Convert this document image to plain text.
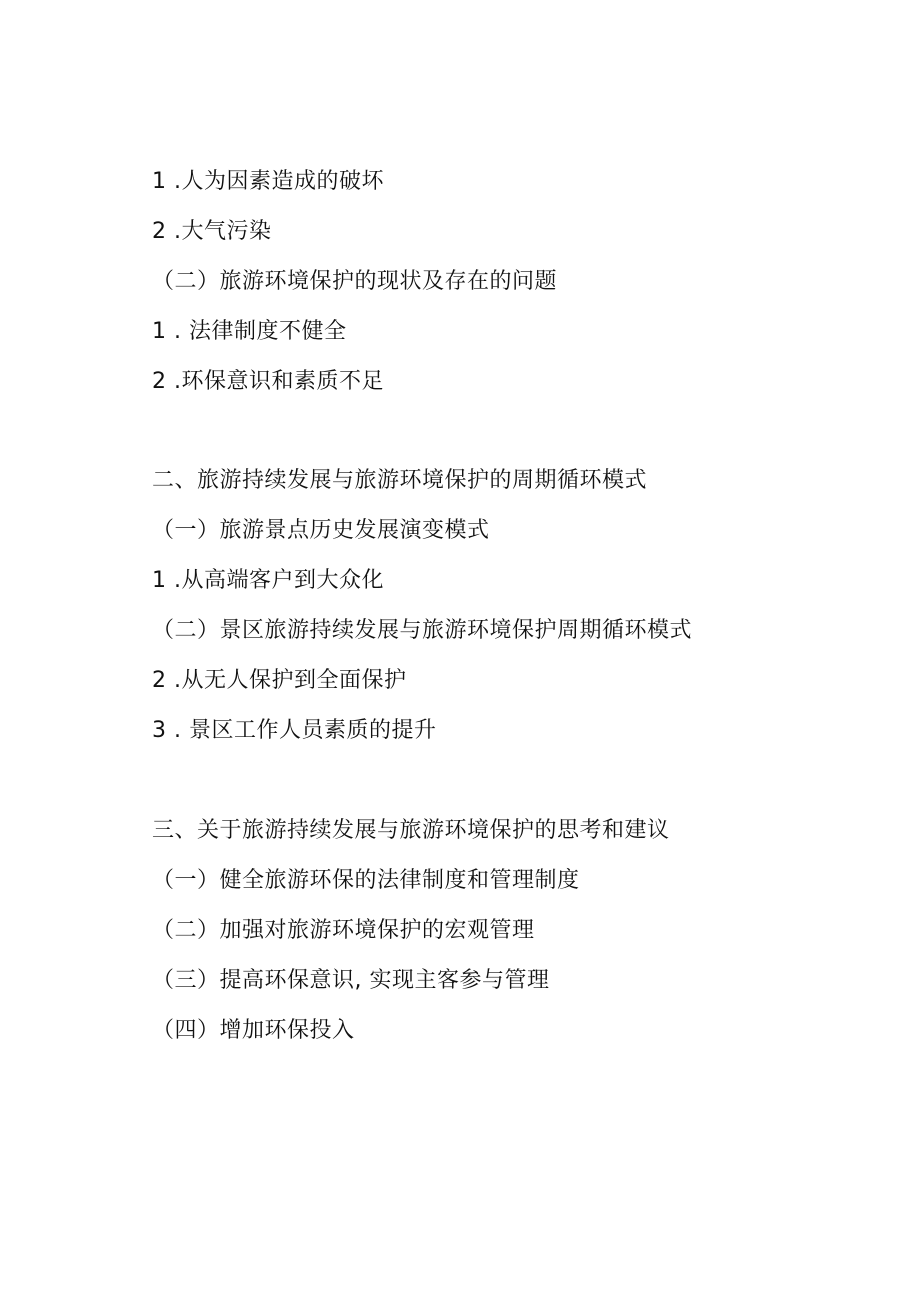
1 .人为因素造成的破坏
2 .大气污染
（二）旅游环境保护的现状及存在的问题
1 . 法律制度不健全
2 .环保意识和素质不足
二、旅游持续发展与旅游环境保护的周期循环模式
（一）旅游景点历史发展演变模式
1 .从高端客户到大众化
（二）景区旅游持续发展与旅游环境保护周期循环模式
2 .从无人保护到全面保护
3 . 景区工作人员素质的提升
三、关于旅游持续发展与旅游环境保护的思考和建议
（一）健全旅游环保的法律制度和管理制度
（二）加强对旅游环境保护的宏观管理
（三）提高环保意识, 实现主客参与管理
（四）增加环保投入
